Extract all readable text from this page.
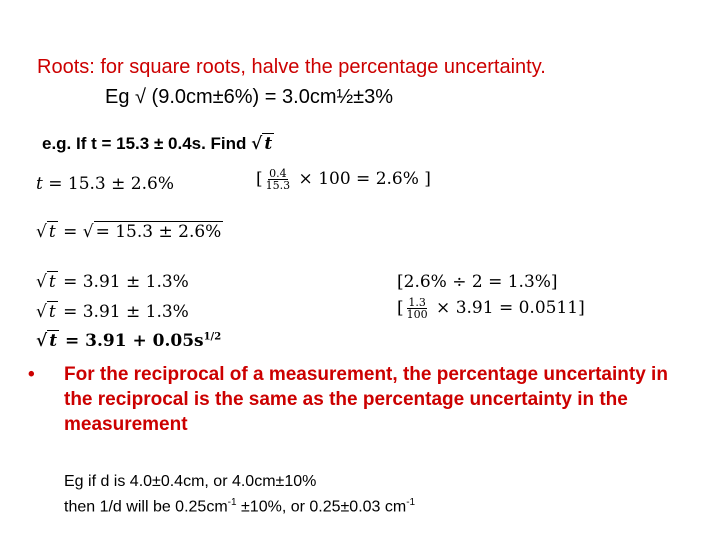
Roots: for square roots, halve the percentage uncertainty.
Eg √ (9.0cm±6%) = 3.0cm½±3%
e.g. If t = 15.3 ± 0.4s. Find √ t
t = 15.3 ± 2.6%	[ $\frac{0.4}{15.3} \times 100 = 2.6\%$ ]
√ t = √ = 15.3 ± 2.6%
√ t = 3.91 ± 1.3%	[2.6% ÷ 2 = 1.3%]
√ t = 3.91 ± 1.3%	[ $\frac{1.3}{100} \times 3.91 = 0.0511$]
√ $t = 3.91 + 0.05s^{1/2}$
• For the reciprocal of a measurement, the percentage uncertainty in the reciprocal is the same as the percentage uncertainty in the measurement
Eg if d is 4.0±0.4cm, or 4.0cm±10%
then 1/d will be $0.25cm^{-1} \pm 10\%$, or 0.25±0.03 $cm^{-1}$
